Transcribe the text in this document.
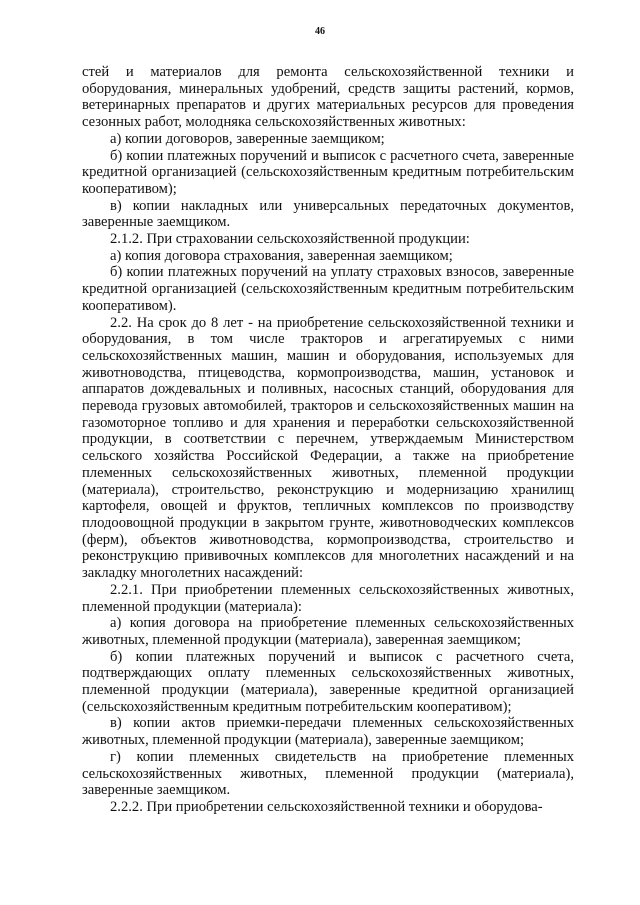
46

стей и материалов для ремонта сельскохозяйственной техники и оборудования, минеральных удобрений, средств защиты растений, кормов, ветеринарных препаратов и других материальных ресурсов для проведения сезонных работ, молодняка сельскохозяйственных животных:

а) копии договоров, заверенные заемщиком;

б) копии платежных поручений и выписок с расчетного счета, заверенные кредитной организацией (сельскохозяйственным кредитным потребительским кооперативом);

в) копии накладных или универсальных передаточных документов, заверенные заемщиком.

2.1.2. При страховании сельскохозяйственной продукции:

а) копия договора страхования, заверенная заемщиком;

б) копии платежных поручений на уплату страховых взносов, заверенные кредитной организацией (сельскохозяйственным кредитным потребительским кооперативом).

2.2. На срок до 8 лет - на приобретение сельскохозяйственной техники и оборудования, в том числе тракторов и агрегатируемых с ними сельскохозяйственных машин, машин и оборудования, используемых для животноводства, птицеводства, кормопроизводства, машин, установок и аппаратов дождевальных и поливных, насосных станций, оборудования для перевода грузовых автомобилей, тракторов и сельскохозяйственных машин на газомоторное топливо и для хранения и переработки сельскохозяйственной продукции, в соответствии с перечнем, утверждаемым Министерством сельского хозяйства Российской Федерации, а также на приобретение племенных сельскохозяйственных животных, племенной продукции (материала), строительство, реконструкцию и модернизацию хранилищ картофеля, овощей и фруктов, тепличных комплексов по производству плодоовощной продукции в закрытом грунте, животноводческих комплексов (ферм), объектов животноводства, кормопроизводства, строительство и реконструкцию прививочных комплексов для многолетних насаждений и на закладку многолетних насаждений:

2.2.1. При приобретении племенных сельскохозяйственных животных, племенной продукции (материала):

а) копия договора на приобретение племенных сельскохозяйственных животных, племенной продукции (материала), заверенная заемщиком;

б) копии платежных поручений и выписок с расчетного счета, подтверждающих оплату племенных сельскохозяйственных животных, племенной продукции (материала), заверенные кредитной организацией (сельскохозяйственным кредитным потребительским кооперативом);

в) копии актов приемки-передачи племенных сельскохозяйственных животных, племенной продукции (материала), заверенные заемщиком;

г) копии племенных свидетельств на приобретение племенных сельскохозяйственных животных, племенной продукции (материала), заверенные заемщиком.

2.2.2. При приобретении сельскохозяйственной техники и оборудова-
